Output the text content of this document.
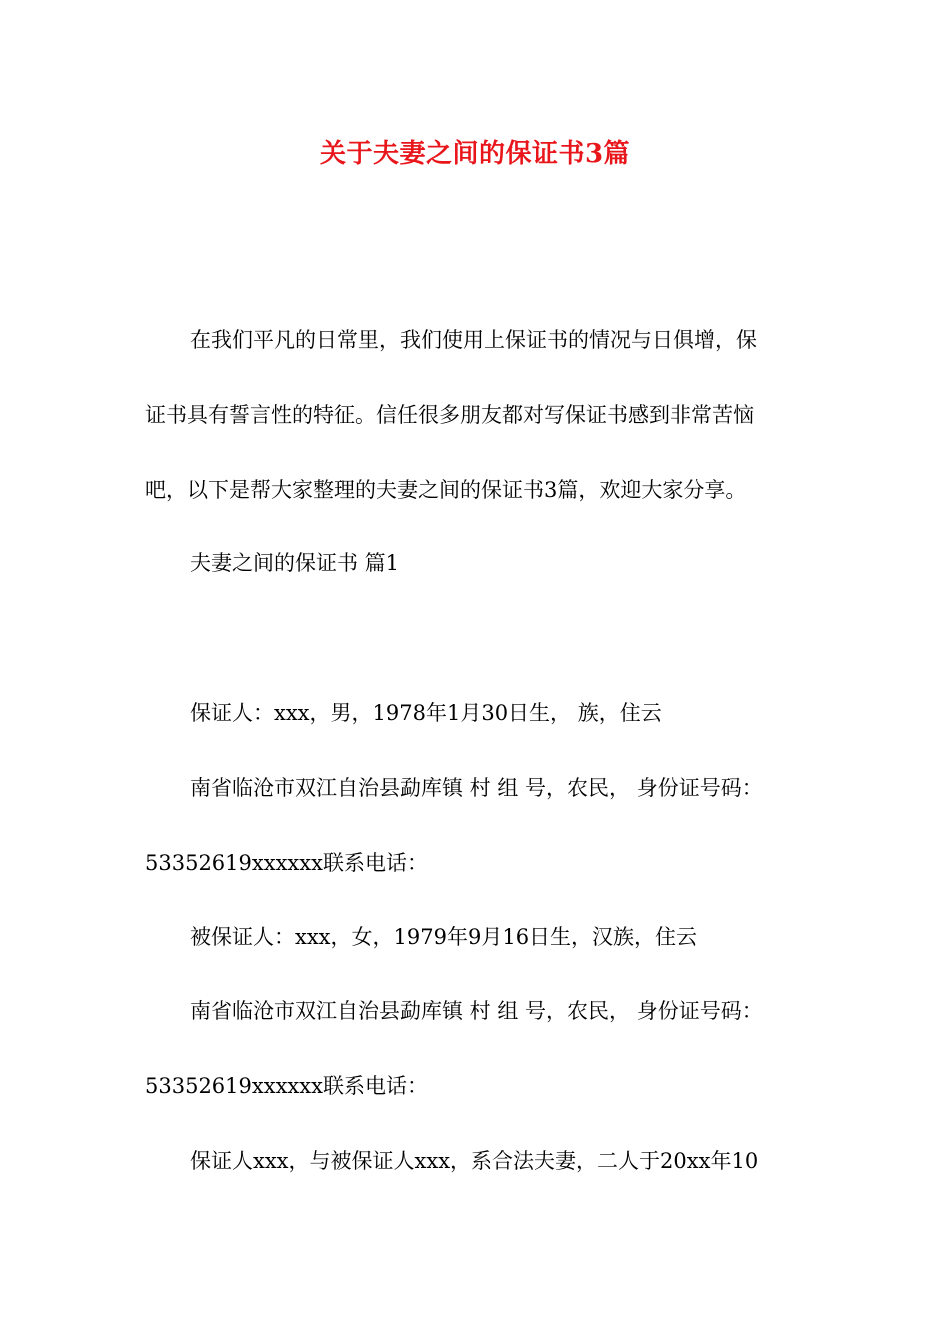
关于夫妻之间的保证书3篇
在我们平凡的日常里，我们使用上保证书的情况与日俱增，保
证书具有誓言性的特征。信任很多朋友都对写保证书感到非常苦恼
吧，以下是帮大家整理的夫妻之间的保证书3篇，欢迎大家分享。
夫妻之间的保证书 篇1
保证人：xxx，男，1978年1月30日生， 族，住云
南省临沧市双江自治县勐库镇 村 组 号，农民， 身份证号码：
53352619xxxxxx联系电话：
被保证人：xxx，女，1979年9月16日生，汉族，住云
南省临沧市双江自治县勐库镇 村 组 号，农民， 身份证号码：
53352619xxxxxx联系电话：
保证人xxx，与被保证人xxx，系合法夫妻，二人于20xx年10
